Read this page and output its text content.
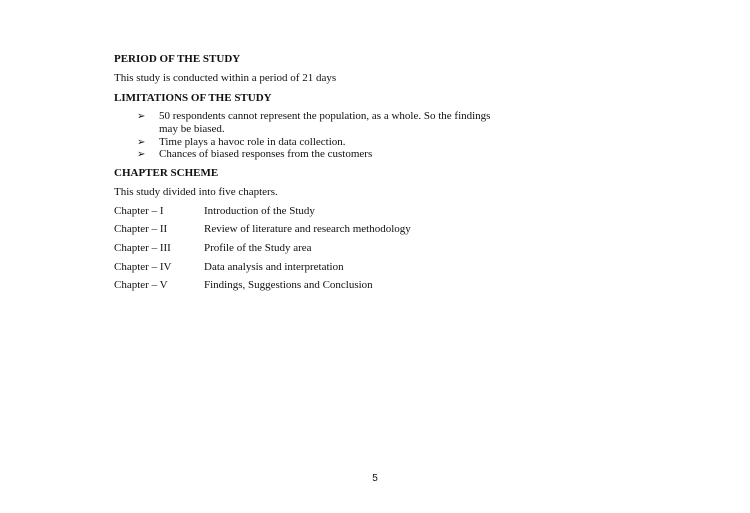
PERIOD OF THE STUDY
This study is conducted within a period of 21 days
LIMITATIONS OF THE STUDY
➢ 50 respondents cannot represent the population, as a whole. So the findings
may be biased.
➢ Time plays a havoc role in data collection.
➢ Chances of biased responses from the customers
CHAPTER SCHEME
This study divided into five chapters.
Chapter – I	Introduction of the Study
Chapter – II	Review of literature and research methodology
Chapter – III	Profile of the Study area
Chapter – IV	Data analysis and interpretation
Chapter – V	Findings, Suggestions and Conclusion
5
